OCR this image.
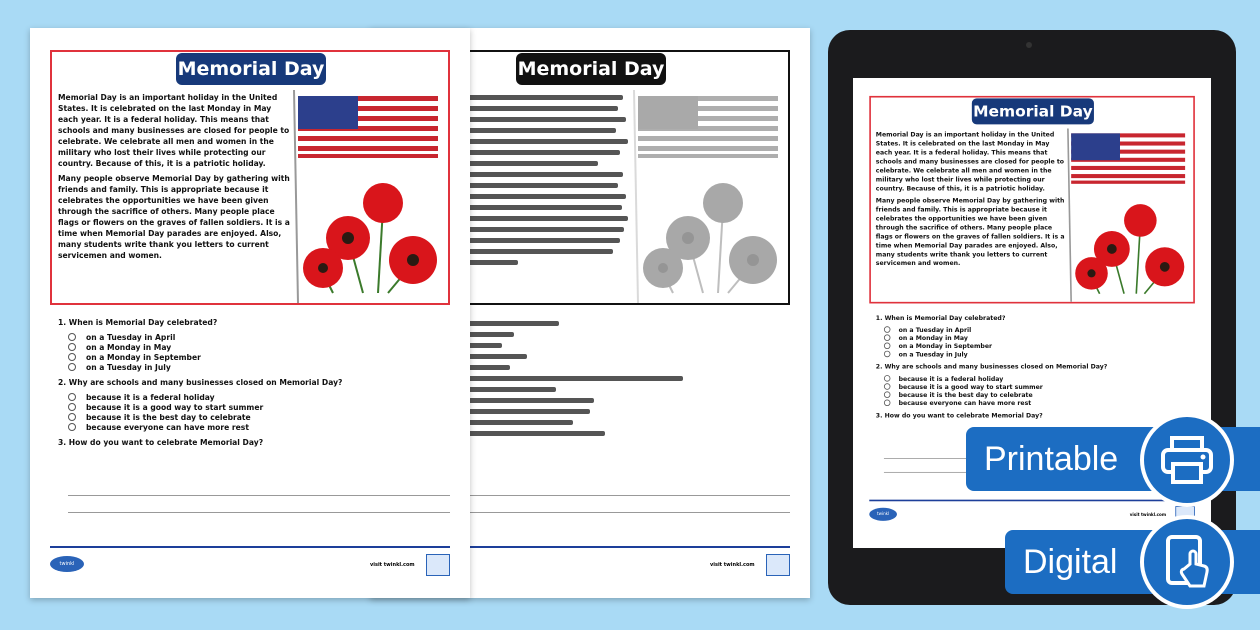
Memorial Day
visit twinkl.com
Memorial Day

Memorial Day is an important holiday in the United States. It is celebrated on the last Monday in May each year. It is a federal holiday. This means that schools and many businesses are closed for people to celebrate. We celebrate all men and women in the military who lost their lives while protecting our country. Because of this, it is a patriotic holiday.

Many people observe Memorial Day by gathering with friends and family. This is appropriate because it celebrates the opportunities we have been given through the sacrifice of others. Many people place flags or flowers on the graves of fallen soldiers. It is a time when Memorial Day parades are enjoyed. Also, many students write thank you letters to current servicemen and women.

1. When is Memorial Day celebrated?
on a Tuesday in April
on a Monday in May
on a Monday in September
on a Tuesday in July
2. Why are schools and many businesses closed on Memorial Day?
because it is a federal holiday
because it is a good way to start summer
because it is the best day to celebrate
because everyone can have more rest
3. How do you want to celebrate Memorial Day?
twinkl	visit twinkl.com
Memorial Day

Memorial Day is an important holiday in the United States. It is celebrated on the last Monday in May each year. It is a federal holiday. This means that schools and many businesses are closed for people to celebrate. We celebrate all men and women in the military who lost their lives while protecting our country. Because of this, it is a patriotic holiday.

Many people observe Memorial Day by gathering with friends and family. This is appropriate because it celebrates the opportunities we have been given through the sacrifice of others. Many people place flags or flowers on the graves of fallen soldiers. It is a time when Memorial Day parades are enjoyed. Also, many students write thank you letters to current servicemen and women.

1. When is Memorial Day celebrated?
on a Tuesday in April
on a Monday in May
on a Monday in September
on a Tuesday in July
2. Why are schools and many businesses closed on Memorial Day?
because it is a federal holiday
because it is a good way to start summer
because it is the best day to celebrate
because everyone can have more rest
3. How do you want to celebrate Memorial Day?
twinkl	visit twinkl.com
Printable
Digital
